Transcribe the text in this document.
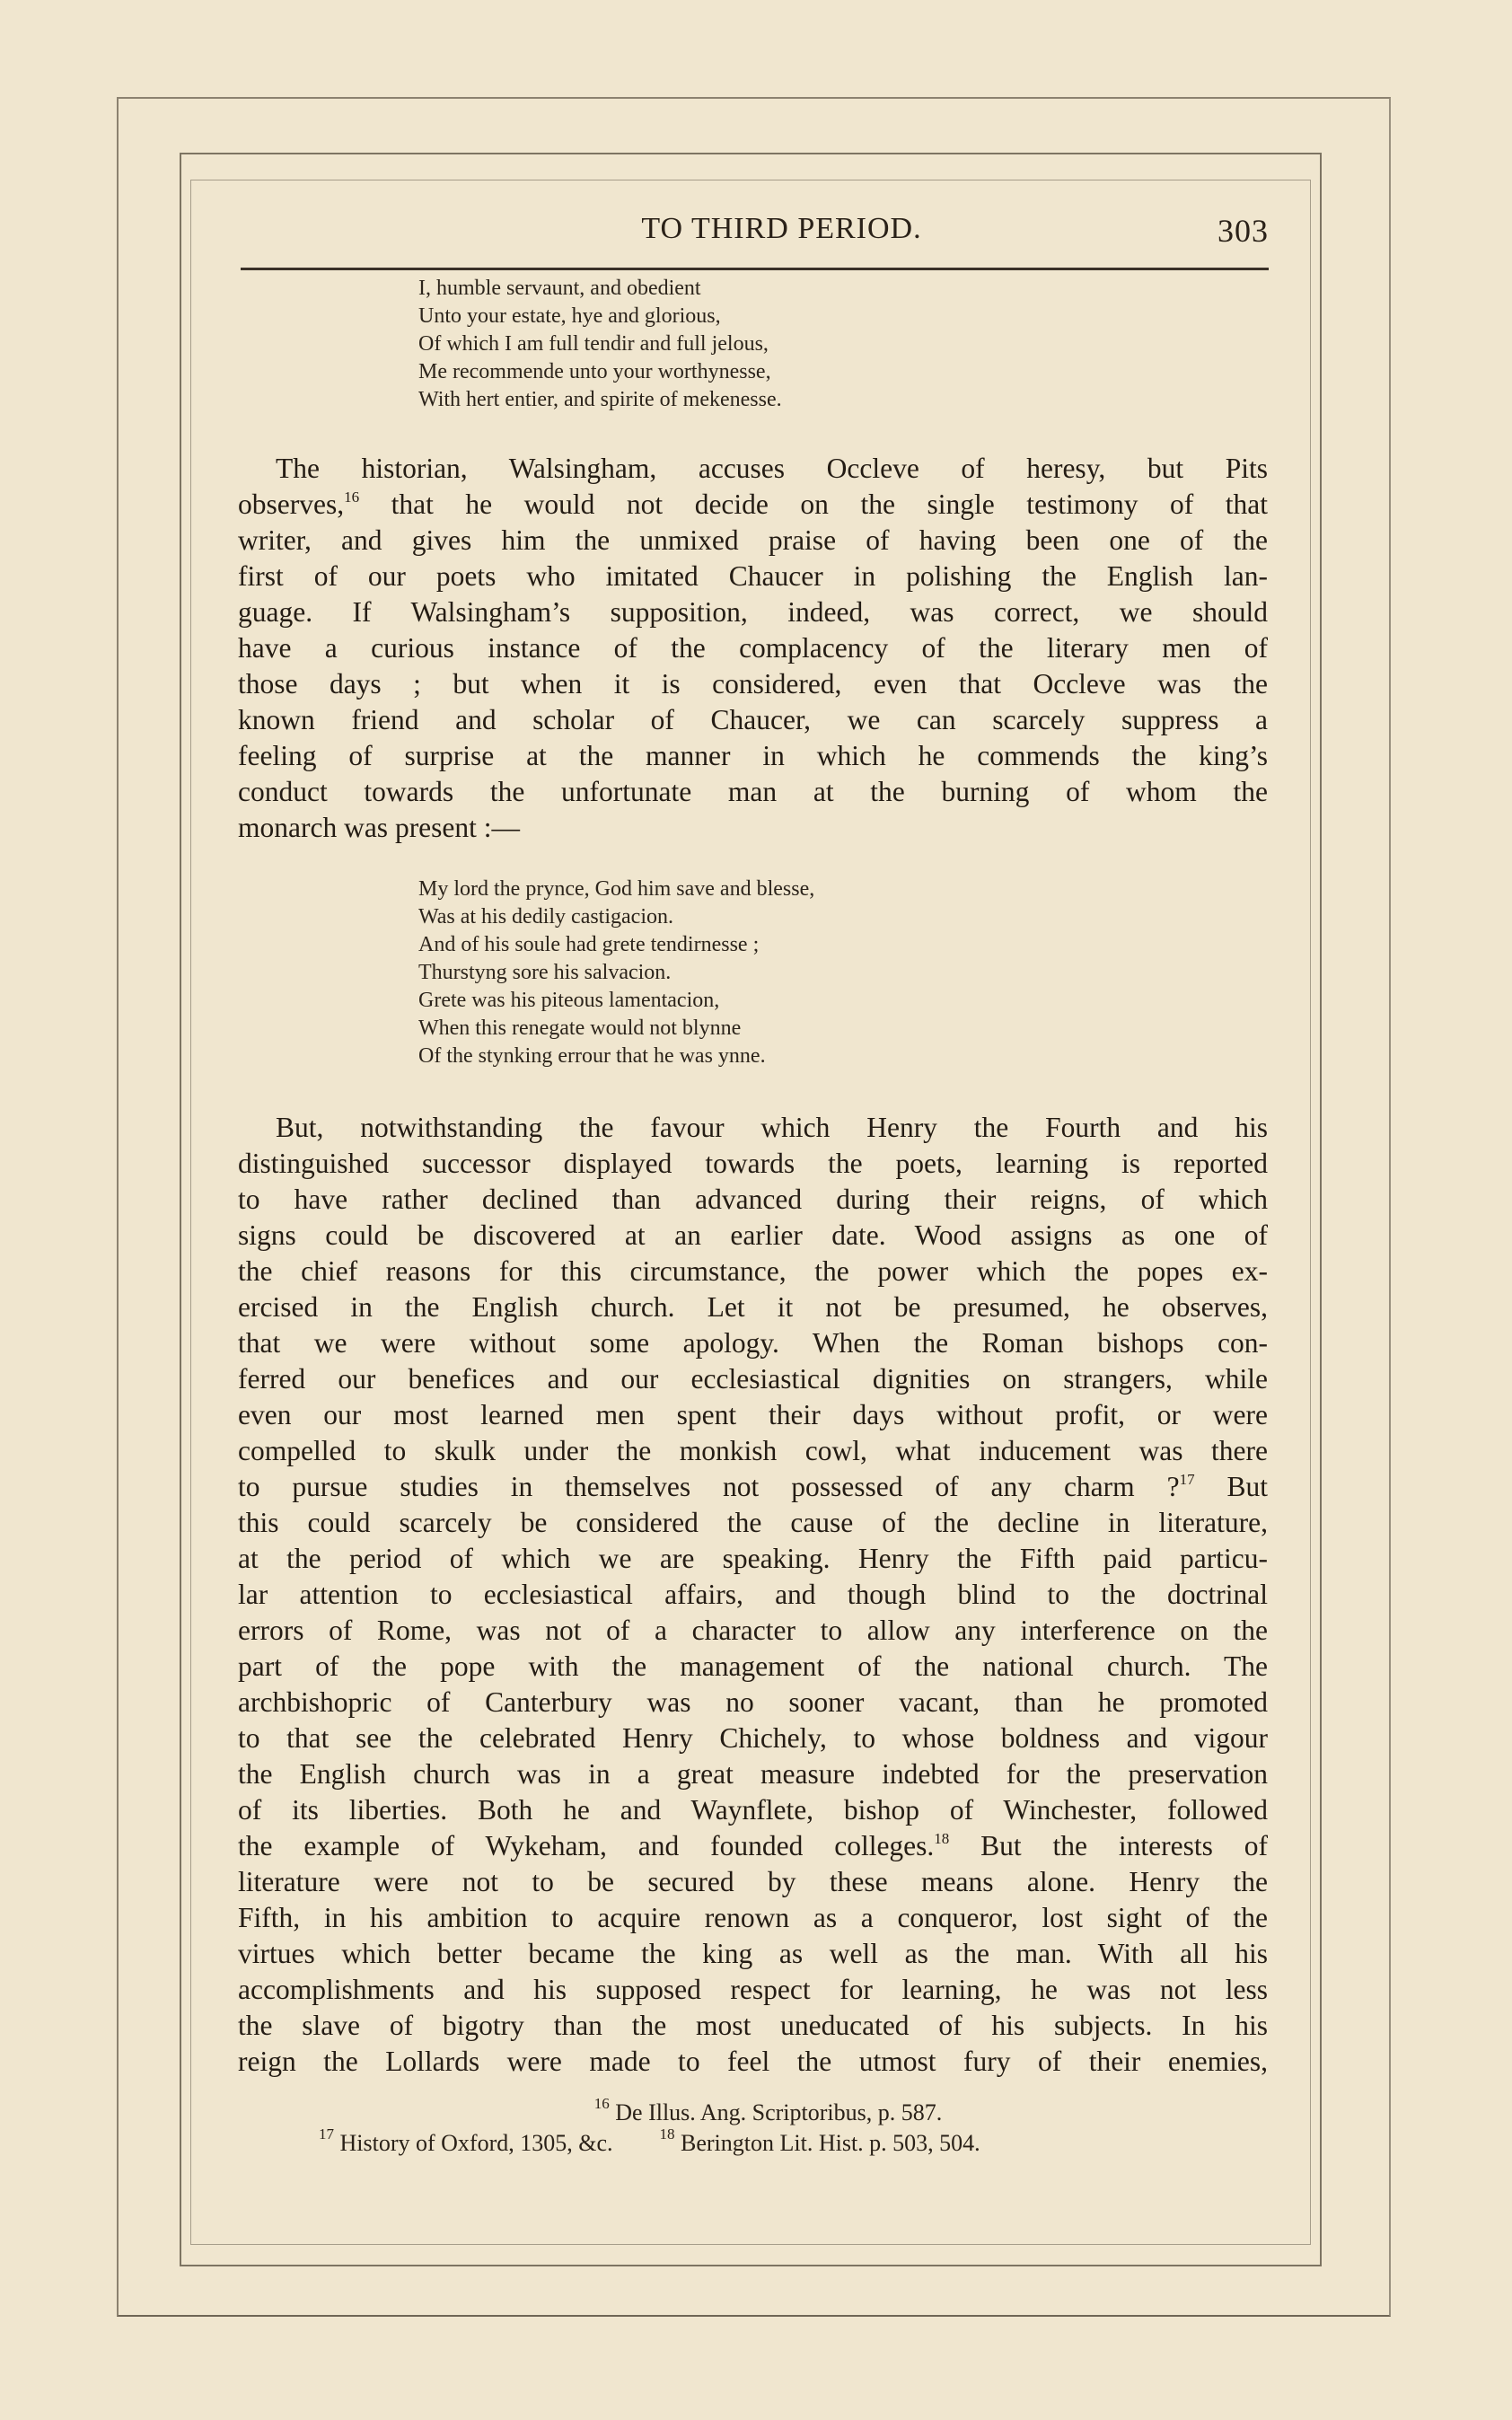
TO THIRD PERIOD.	303
I, humble servaunt, and obedient
Unto your estate, hye and glorious,
Of which I am full tendir and full jelous,
Me recommende unto your worthynesse,
With hert entier, and spirite of mekenesse.
The historian, Walsingham, accuses Occleve of heresy, but Pits
observes,$^{16}$ that he would not decide on the single testimony of that
writer, and gives him the unmixed praise of having been one of the
first of our poets who imitated Chaucer in polishing the English lan-
guage. If Walsingham’s supposition, indeed, was correct, we should
have a curious instance of the complacency of the literary men of
those days ; but when it is considered, even that Occleve was the
known friend and scholar of Chaucer, we can scarcely suppress a
feeling of surprise at the manner in which he commends the king’s
conduct towards the unfortunate man at the burning of whom the
monarch was present :—
My lord the prynce, God him save and blesse,
Was at his dedily castigacion.
And of his soule had grete tendirnesse ;
Thurstyng sore his salvacion.
Grete was his piteous lamentacion,
When this renegate would not blynne
Of the stynking errour that he was ynne.
But, notwithstanding the favour which Henry the Fourth and his
distinguished successor displayed towards the poets, learning is reported
to have rather declined than advanced during their reigns, of which
signs could be discovered at an earlier date. Wood assigns as one of
the chief reasons for this circumstance, the power which the popes ex-
ercised in the English church. Let it not be presumed, he observes,
that we were without some apology. When the Roman bishops con-
ferred our benefices and our ecclesiastical dignities on strangers, while
even our most learned men spent their days without profit, or were
compelled to skulk under the monkish cowl, what inducement was there
to pursue studies in themselves not possessed of any charm ?$^{17}$ But
this could scarcely be considered the cause of the decline in literature,
at the period of which we are speaking. Henry the Fifth paid particu-
lar attention to ecclesiastical affairs, and though blind to the doctrinal
errors of Rome, was not of a character to allow any interference on the
part of the pope with the management of the national church. The
archbishopric of Canterbury was no sooner vacant, than he promoted
to that see the celebrated Henry Chichely, to whose boldness and vigour
the English church was in a great measure indebted for the preservation
of its liberties. Both he and Waynflete, bishop of Winchester, followed
the example of Wykeham, and founded colleges.$^{18}$ But the interests of
literature were not to be secured by these means alone. Henry the
Fifth, in his ambition to acquire renown as a conqueror, lost sight of the
virtues which better became the king as well as the man. With all his
accomplishments and his supposed respect for learning, he was not less
the slave of bigotry than the most uneducated of his subjects. In his
reign the Lollards were made to feel the utmost fury of their enemies,
$^{16}$ De Illus. Ang. Scriptoribus, p. 587.
$^{17}$ History of Oxford, 1305, &c.	$^{18}$ Berington Lit. Hist. p. 503, 504.
